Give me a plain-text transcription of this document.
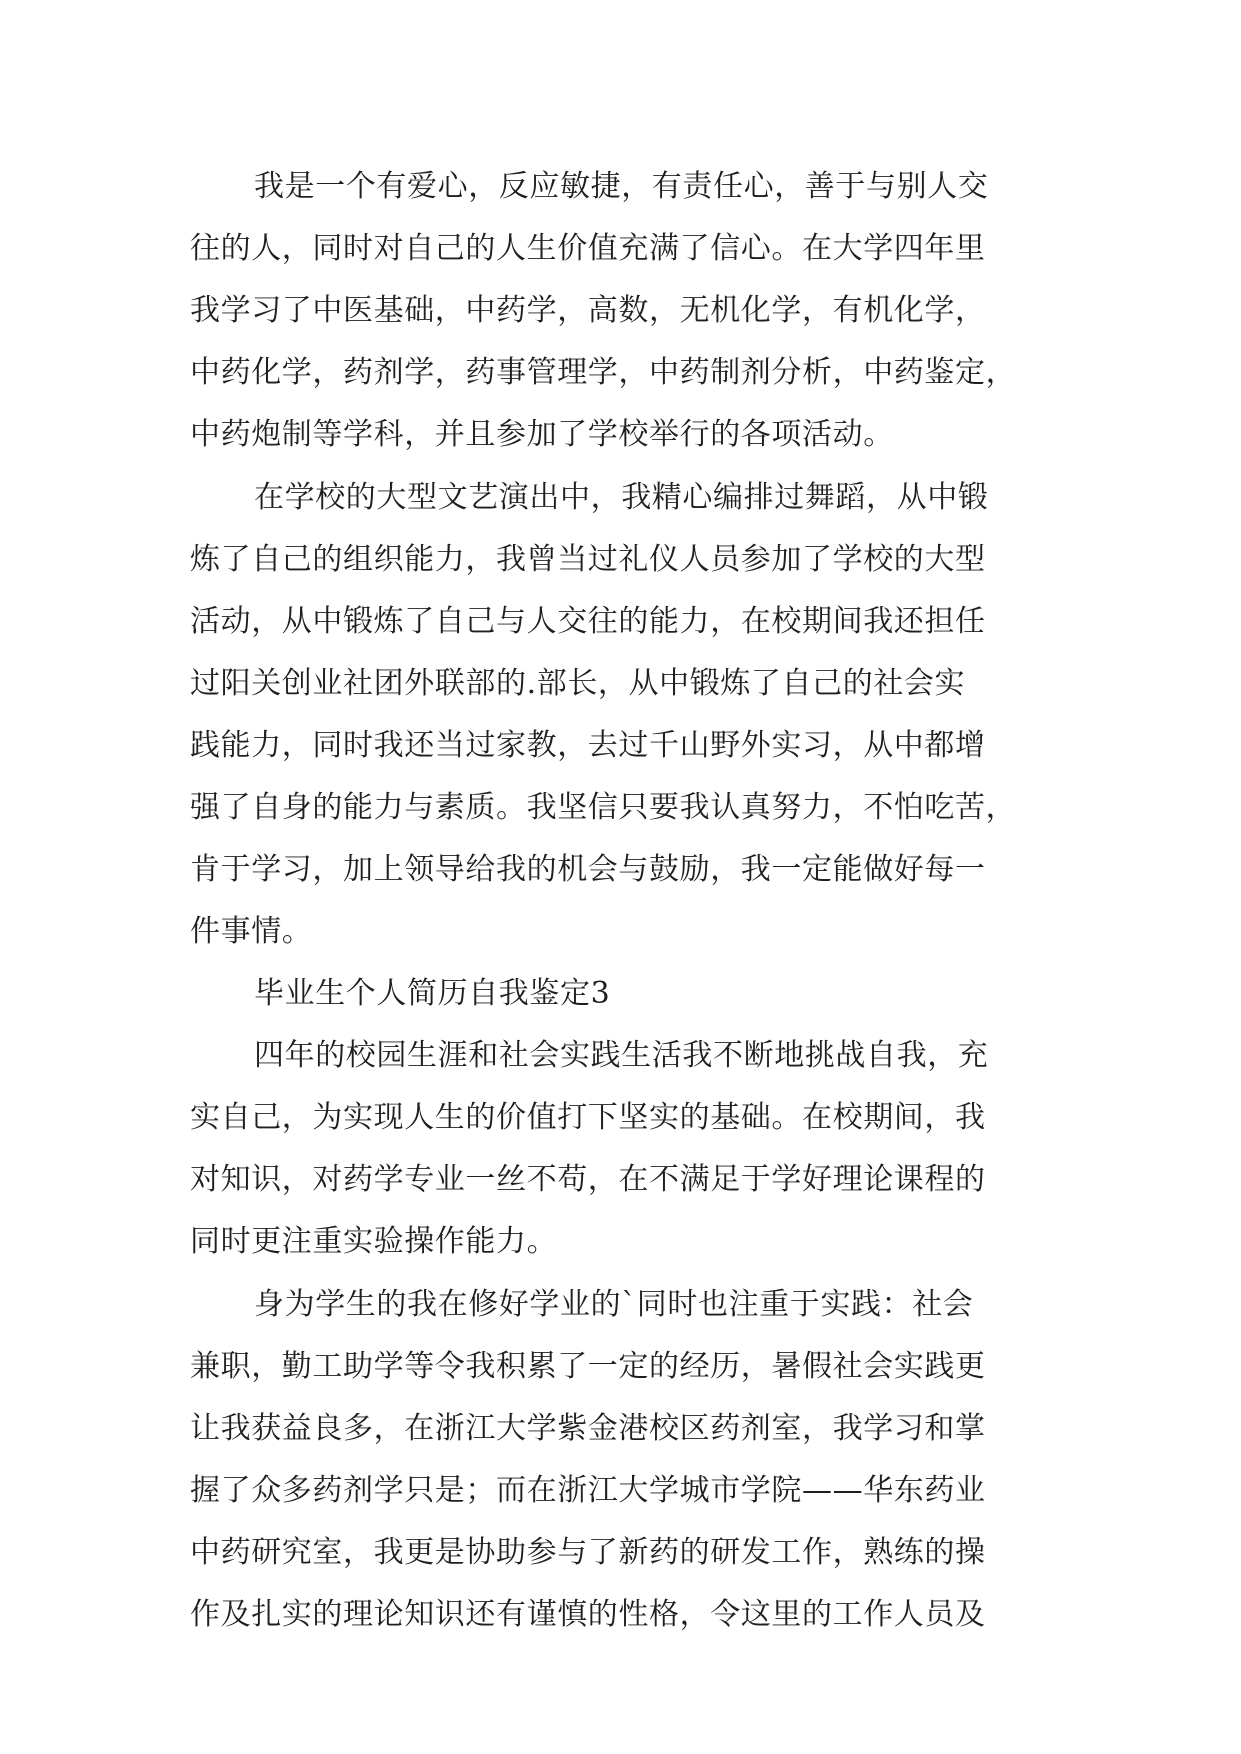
我是一个有爱心，反应敏捷，有责任心，善于与别人交
往的人，同时对自己的人生价值充满了信心。在大学四年里
我学习了中医基础，中药学，高数，无机化学，有机化学，
中药化学，药剂学，药事管理学，中药制剂分析，中药鉴定，
中药炮制等学科，并且参加了学校举行的各项活动。
在学校的大型文艺演出中，我精心编排过舞蹈，从中锻
炼了自己的组织能力，我曾当过礼仪人员参加了学校的大型
活动，从中锻炼了自己与人交往的能力，在校期间我还担任
过阳关创业社团外联部的.部长，从中锻炼了自己的社会实
践能力，同时我还当过家教，去过千山野外实习，从中都增
强了自身的能力与素质。我坚信只要我认真努力，不怕吃苦，
肯于学习，加上领导给我的机会与鼓励，我一定能做好每一
件事情。
毕业生个人简历自我鉴定3
四年的校园生涯和社会实践生活我不断地挑战自我，充
实自己，为实现人生的价值打下坚实的基础。在校期间，我
对知识，对药学专业一丝不苟，在不满足于学好理论课程的
同时更注重实验操作能力。
身为学生的我在修好学业的`同时也注重于实践：社会
兼职，勤工助学等令我积累了一定的经历，暑假社会实践更
让我获益良多，在浙江大学紫金港校区药剂室，我学习和掌
握了众多药剂学只是；而在浙江大学城市学院——华东药业
中药研究室，我更是协助参与了新药的研发工作，熟练的操
作及扎实的理论知识还有谨慎的性格，令这里的工作人员及
